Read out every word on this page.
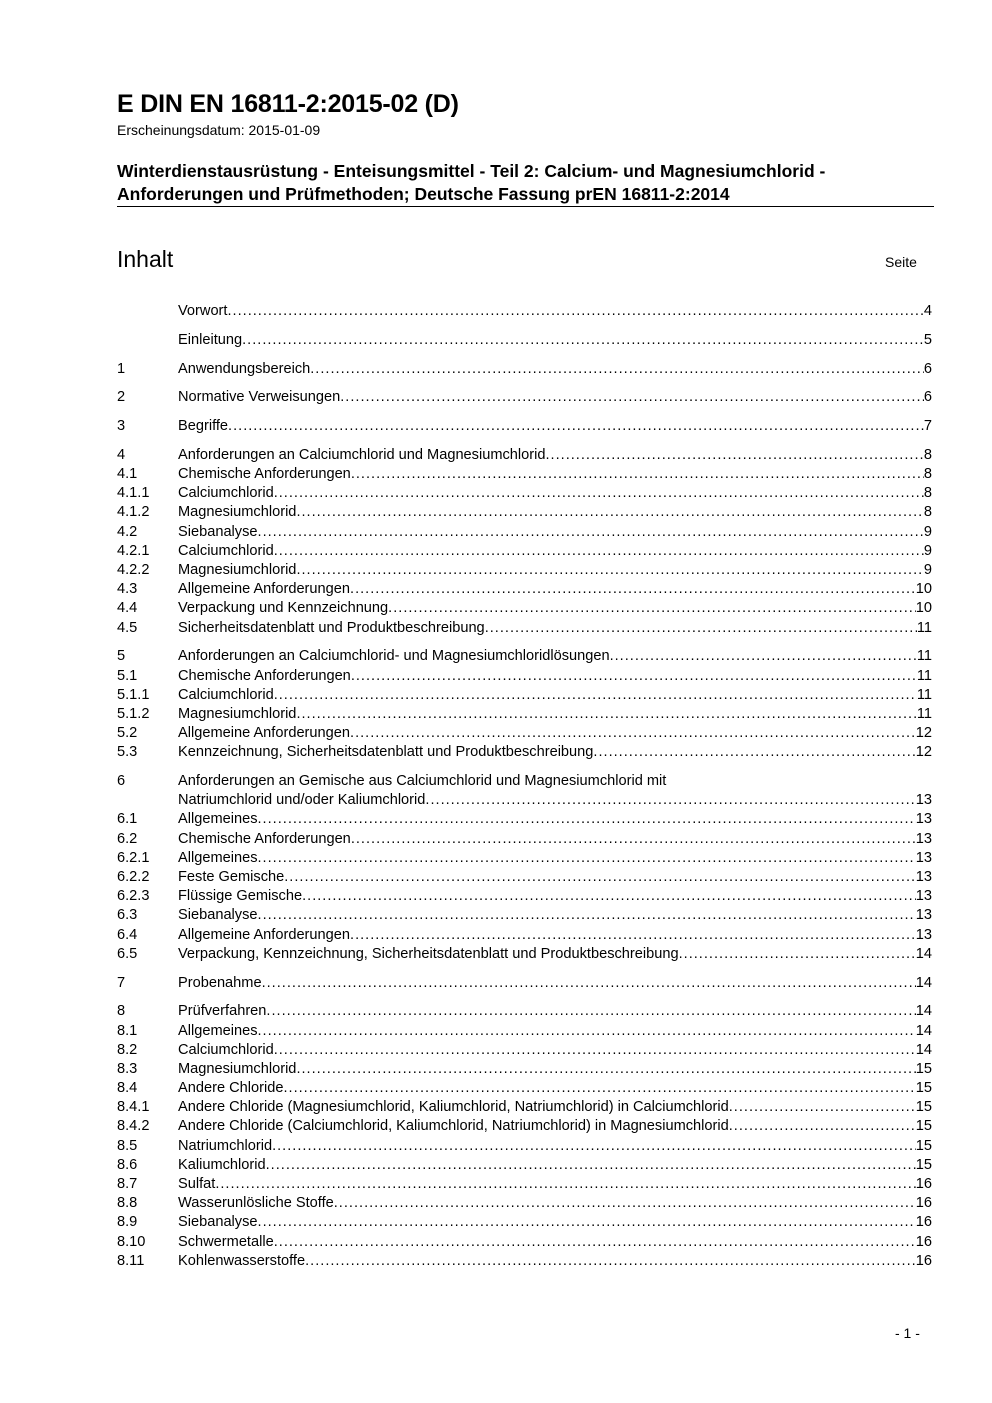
E DIN EN 16811-2:2015-02 (D)
Erscheinungsdatum: 2015-01-09
Winterdienstausrüstung - Enteisungsmittel - Teil 2: Calcium- und Magnesiumchlorid -
Anforderungen und Prüfmethoden; Deutsche Fassung prEN 16811-2:2014
Inhalt	Seite
Vorwort .....	4
Einleitung .....	5
1	Anwendungsbereich .....	6
2	Normative Verweisungen .....	6
3	Begriffe .....	7
4	Anforderungen an Calciumchlorid und Magnesiumchlorid .....	8
4.1	Chemische Anforderungen .....	8
4.1.1	Calciumchlorid .....	8
4.1.2	Magnesiumchlorid .....	8
4.2	Siebanalyse .....	9
4.2.1	Calciumchlorid .....	9
4.2.2	Magnesiumchlorid .....	9
4.3	Allgemeine Anforderungen .....	10
4.4	Verpackung und Kennzeichnung .....	10
4.5	Sicherheitsdatenblatt und Produktbeschreibung .....	11
5	Anforderungen an Calciumchlorid- und Magnesiumchloridlösungen .....	11
5.1	Chemische Anforderungen .....	11
5.1.1	Calciumchlorid .....	11
5.1.2	Magnesiumchlorid .....	11
5.2	Allgemeine Anforderungen .....	12
5.3	Kennzeichnung, Sicherheitsdatenblatt und Produktbeschreibung .....	12
6	Anforderungen an Gemische aus Calciumchlorid und Magnesiumchlorid mit
Natriumchlorid und/oder Kaliumchlorid .....	13
6.1	Allgemeines .....	13
6.2	Chemische Anforderungen .....	13
6.2.1	Allgemeines .....	13
6.2.2	Feste Gemische .....	13
6.2.3	Flüssige Gemische .....	13
6.3	Siebanalyse .....	13
6.4	Allgemeine Anforderungen .....	13
6.5	Verpackung, Kennzeichnung, Sicherheitsdatenblatt und Produktbeschreibung .....	14
7	Probenahme .....	14
8	Prüfverfahren .....	14
8.1	Allgemeines .....	14
8.2	Calciumchlorid .....	14
8.3	Magnesiumchlorid .....	15
8.4	Andere Chloride .....	15
8.4.1	Andere Chloride (Magnesiumchlorid, Kaliumchlorid, Natriumchlorid) in Calciumchlorid .....	15
8.4.2	Andere Chloride (Calciumchlorid, Kaliumchlorid, Natriumchlorid) in Magnesiumchlorid .....	15
8.5	Natriumchlorid .....	15
8.6	Kaliumchlorid .....	15
8.7	Sulfat .....	16
8.8	Wasserunlösliche Stoffe .....	16
8.9	Siebanalyse .....	16
8.10	Schwermetalle .....	16
8.11	Kohlenwasserstoffe .....	16
- 1 -
